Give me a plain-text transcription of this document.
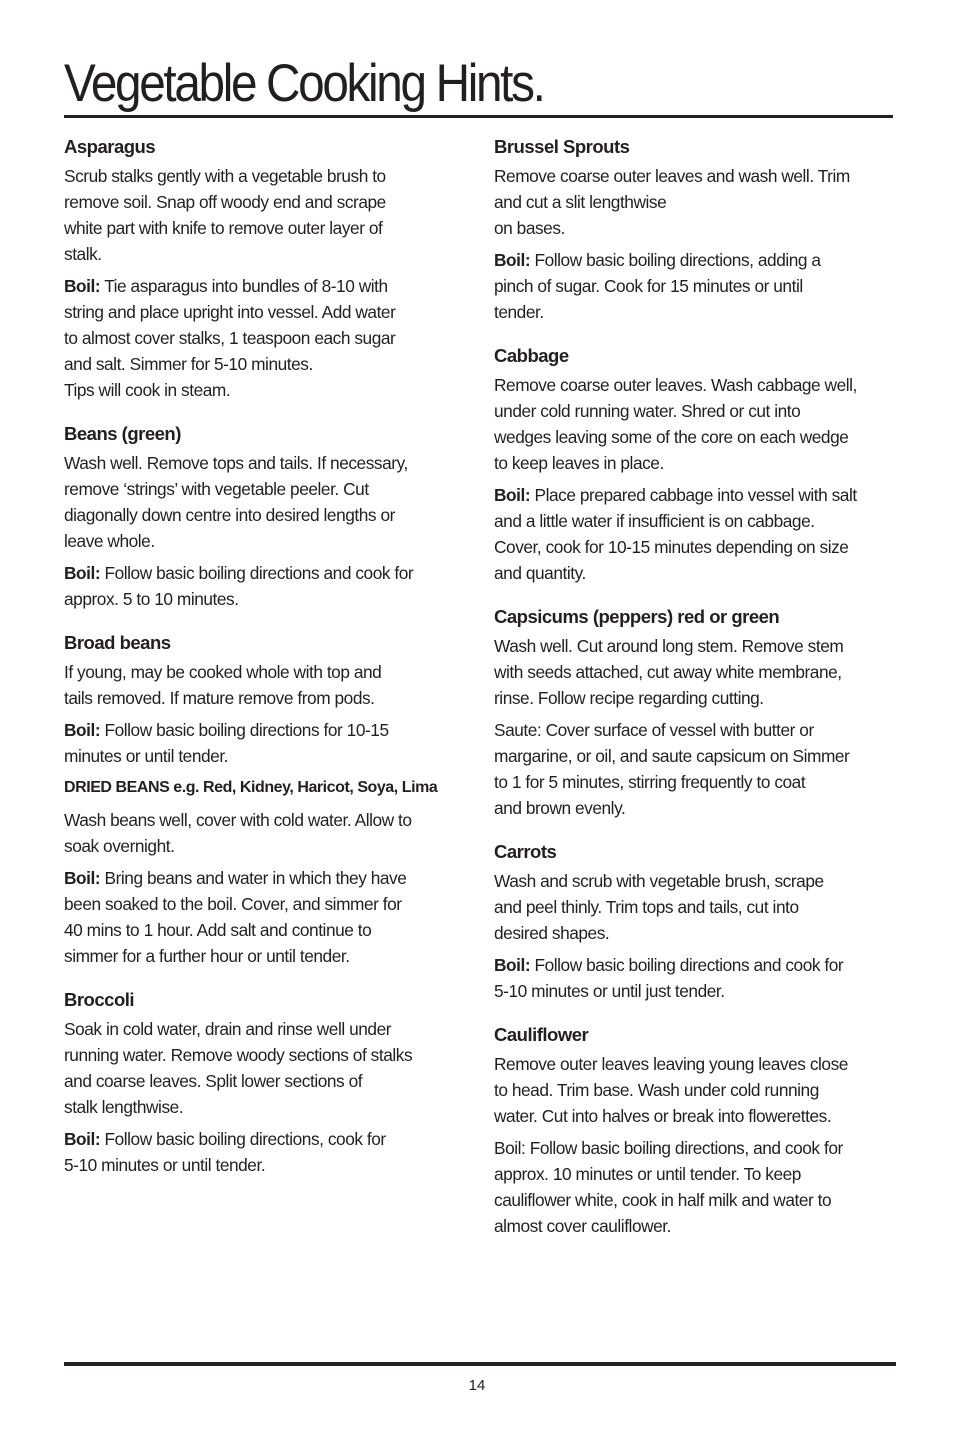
Vegetable Cooking Hints.
Asparagus

Scrub stalks gently with a vegetable brush to
remove soil. Snap off woody end and scrape
white part with knife to remove outer layer of
stalk.

Boil: Tie asparagus into bundles of 8-10 with
string and place upright into vessel. Add water
to almost cover stalks, 1 teaspoon each sugar
and salt. Simmer for 5-10 minutes.
Tips will cook in steam.

Beans (green)

Wash well. Remove tops and tails. If necessary,
remove ‘strings’ with vegetable peeler. Cut
diagonally down centre into desired lengths or
leave whole.

Boil: Follow basic boiling directions and cook for
approx. 5 to 10 minutes.

Broad beans

If young, may be cooked whole with top and
tails removed. If mature remove from pods.

Boil: Follow basic boiling directions for 10-15
minutes or until tender.

DRIED BEANS e.g. Red, Kidney, Haricot, Soya, Lima

Wash beans well, cover with cold water. Allow to
soak overnight.

Boil: Bring beans and water in which they have
been soaked to the boil. Cover, and simmer for
40 mins to 1 hour. Add salt and continue to
simmer for a further hour or until tender.

Broccoli

Soak in cold water, drain and rinse well under
running water. Remove woody sections of stalks
and coarse leaves. Split lower sections of
stalk lengthwise.

Boil: Follow basic boiling directions, cook for
5-10 minutes or until tender.

Brussel Sprouts

Remove coarse outer leaves and wash well. Trim
and cut a slit lengthwise
on bases.

Boil: Follow basic boiling directions, adding a
pinch of sugar. Cook for 15 minutes or until
tender.

Cabbage

Remove coarse outer leaves. Wash cabbage well,
under cold running water. Shred or cut into
wedges leaving some of the core on each wedge
to keep leaves in place.

Boil: Place prepared cabbage into vessel with salt
and a little water if insufficient is on cabbage.
Cover, cook for 10-15 minutes depending on size
and quantity.

Capsicums (peppers) red or green

Wash well. Cut around long stem. Remove stem
with seeds attached, cut away white membrane,
rinse. Follow recipe regarding cutting.

Saute: Cover surface of vessel with butter or
margarine, or oil, and saute capsicum on Simmer
to 1 for 5 minutes, stirring frequently to coat
and brown evenly.

Carrots

Wash and scrub with vegetable brush, scrape
and peel thinly. Trim tops and tails, cut into
desired shapes.

Boil: Follow basic boiling directions and cook for
5-10 minutes or until just tender.

Cauliflower

Remove outer leaves leaving young leaves close
to head. Trim base. Wash under cold running
water. Cut into halves or break into flowerettes.

Boil: Follow basic boiling directions, and cook for
approx. 10 minutes or until tender. To keep
cauliflower white, cook in half milk and water to
almost cover cauliflower.

14
